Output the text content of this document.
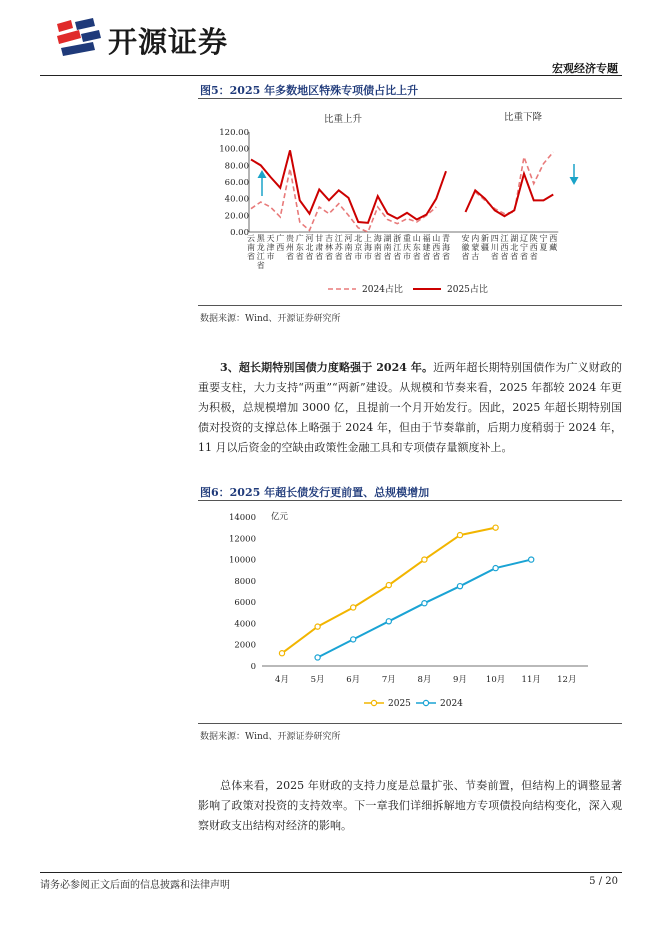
开源证券
宏观经济专题
图5：2025 年多数地区特殊专项债占比上升
0.00
20.00
40.00
60.00
80.00
100.00
120.00
云南省
黑龙江省
天津市
广西
贵州省
广东省
河北省
甘肃省
吉林省
江苏省
河南省
北京市
上海市
海南省
湖南省
浙江省
重庆市
山东省
福建省
山西省
青海省
安徽省
内蒙古
新疆
四川省
江西省
湖北省
辽宁省
陕西省
宁夏
西藏
比重上升	比重下降
2024占比	2025占比
数据来源：Wind、开源证券研究所
3、超长期特别国债力度略强于 2024 年。近两年超长期特别国债作为广义财政的重要支柱，大力支持“两重”“两新”建设。从规模和节奏来看，2025 年都较 2024 年更为积极，总规模增加 3000 亿，且提前一个月开始发行。因此，2025 年超长期特别国债对投资的支撑总体上略强于 2024 年，但由于节奏靠前，后期力度稍弱于 2024 年，11 月以后资金的空缺由政策性金融工具和专项债存量额度补上。
图6：2025 年超长债发行更前置、总规模增加
0
2000
4000
6000
8000
10000
12000
14000 亿元
4月	5月	6月	7月	8月	9月 10月 11月 12月
2025	2024
数据来源：Wind、开源证券研究所
总体来看，2025 年财政的支持力度是总量扩张、节奏前置，但结构上的调整显著影响了政策对投资的支持效率。下一章我们详细拆解地方专项债投向结构变化，深入观察财政支出结构对经济的影响。
请务必参阅正文后面的信息披露和法律声明	5 / 20
